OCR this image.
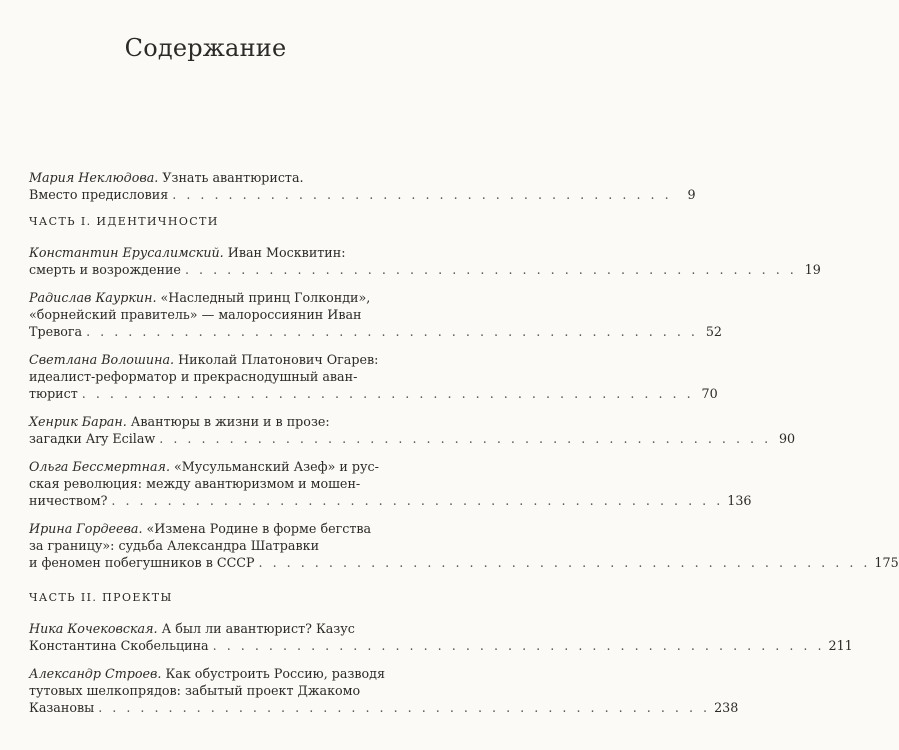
Содержание
Мария Неклюдова. Узнать авантюриста.
Вместо предисловия . . . . . . . . . . . . . . . . . . . . . . . . . . . . . . . . . . . .	9
ЧАСТЬ I. ИДЕНТИЧНОСТИ
Константин Ерусалимский. Иван Москвитин:
смерть и возрождение . . . . . . . . . . . . . . . . . . . . . . . . . . . . . . . . . . . . . . . . . . . . 19
Радислав Кауркин. «Наследный принц Голконди»,
«борнейский правитель» — малороссиянин Иван
Тревога . . . . . . . . . . . . . . . . . . . . . . . . . . . . . . . . . . . . . . . . . . . . 52
Светлана Волошина. Николай Платонович Огарев:
идеалист-реформатор и прекраснодушный аван-
тюрист . . . . . . . . . . . . . . . . . . . . . . . . . . . . . . . . . . . . . . . . . . . . 70
Хенрик Баран. Авантюры в жизни и в прозе:
загадки Ary Ecilaw . . . . . . . . . . . . . . . . . . . . . . . . . . . . . . . . . . . . . . . . . . . . 90
Ольга Бессмертная. «Мусульманский Азеф» и рус-
ская революция: между авантюризмом и мошен-
ничеством? . . . . . . . . . . . . . . . . . . . . . . . . . . . . . . . . . . . . . . . . . . . . 136
Ирина Гордеева. «Измена Родине в форме бегства
за границу»: судьба Александра Шатравки
и феномен побегушников в СССР . . . . . . . . . . . . . . . . . . . . . . . . . . . . . . . . . . . . . . . . . . . . 175
ЧАСТЬ II. ПРОЕКТЫ
Ника Кочековская. А был ли авантюрист? Казус
Константина Скобельцина . . . . . . . . . . . . . . . . . . . . . . . . . . . . . . . . . . . . . . . . . . . . 211
Александр Строев. Как обустроить Россию, разводя
тутовых шелкопрядов: забытый проект Джакомо
Казановы . . . . . . . . . . . . . . . . . . . . . . . . . . . . . . . . . . . . . . . . . . . . 238
